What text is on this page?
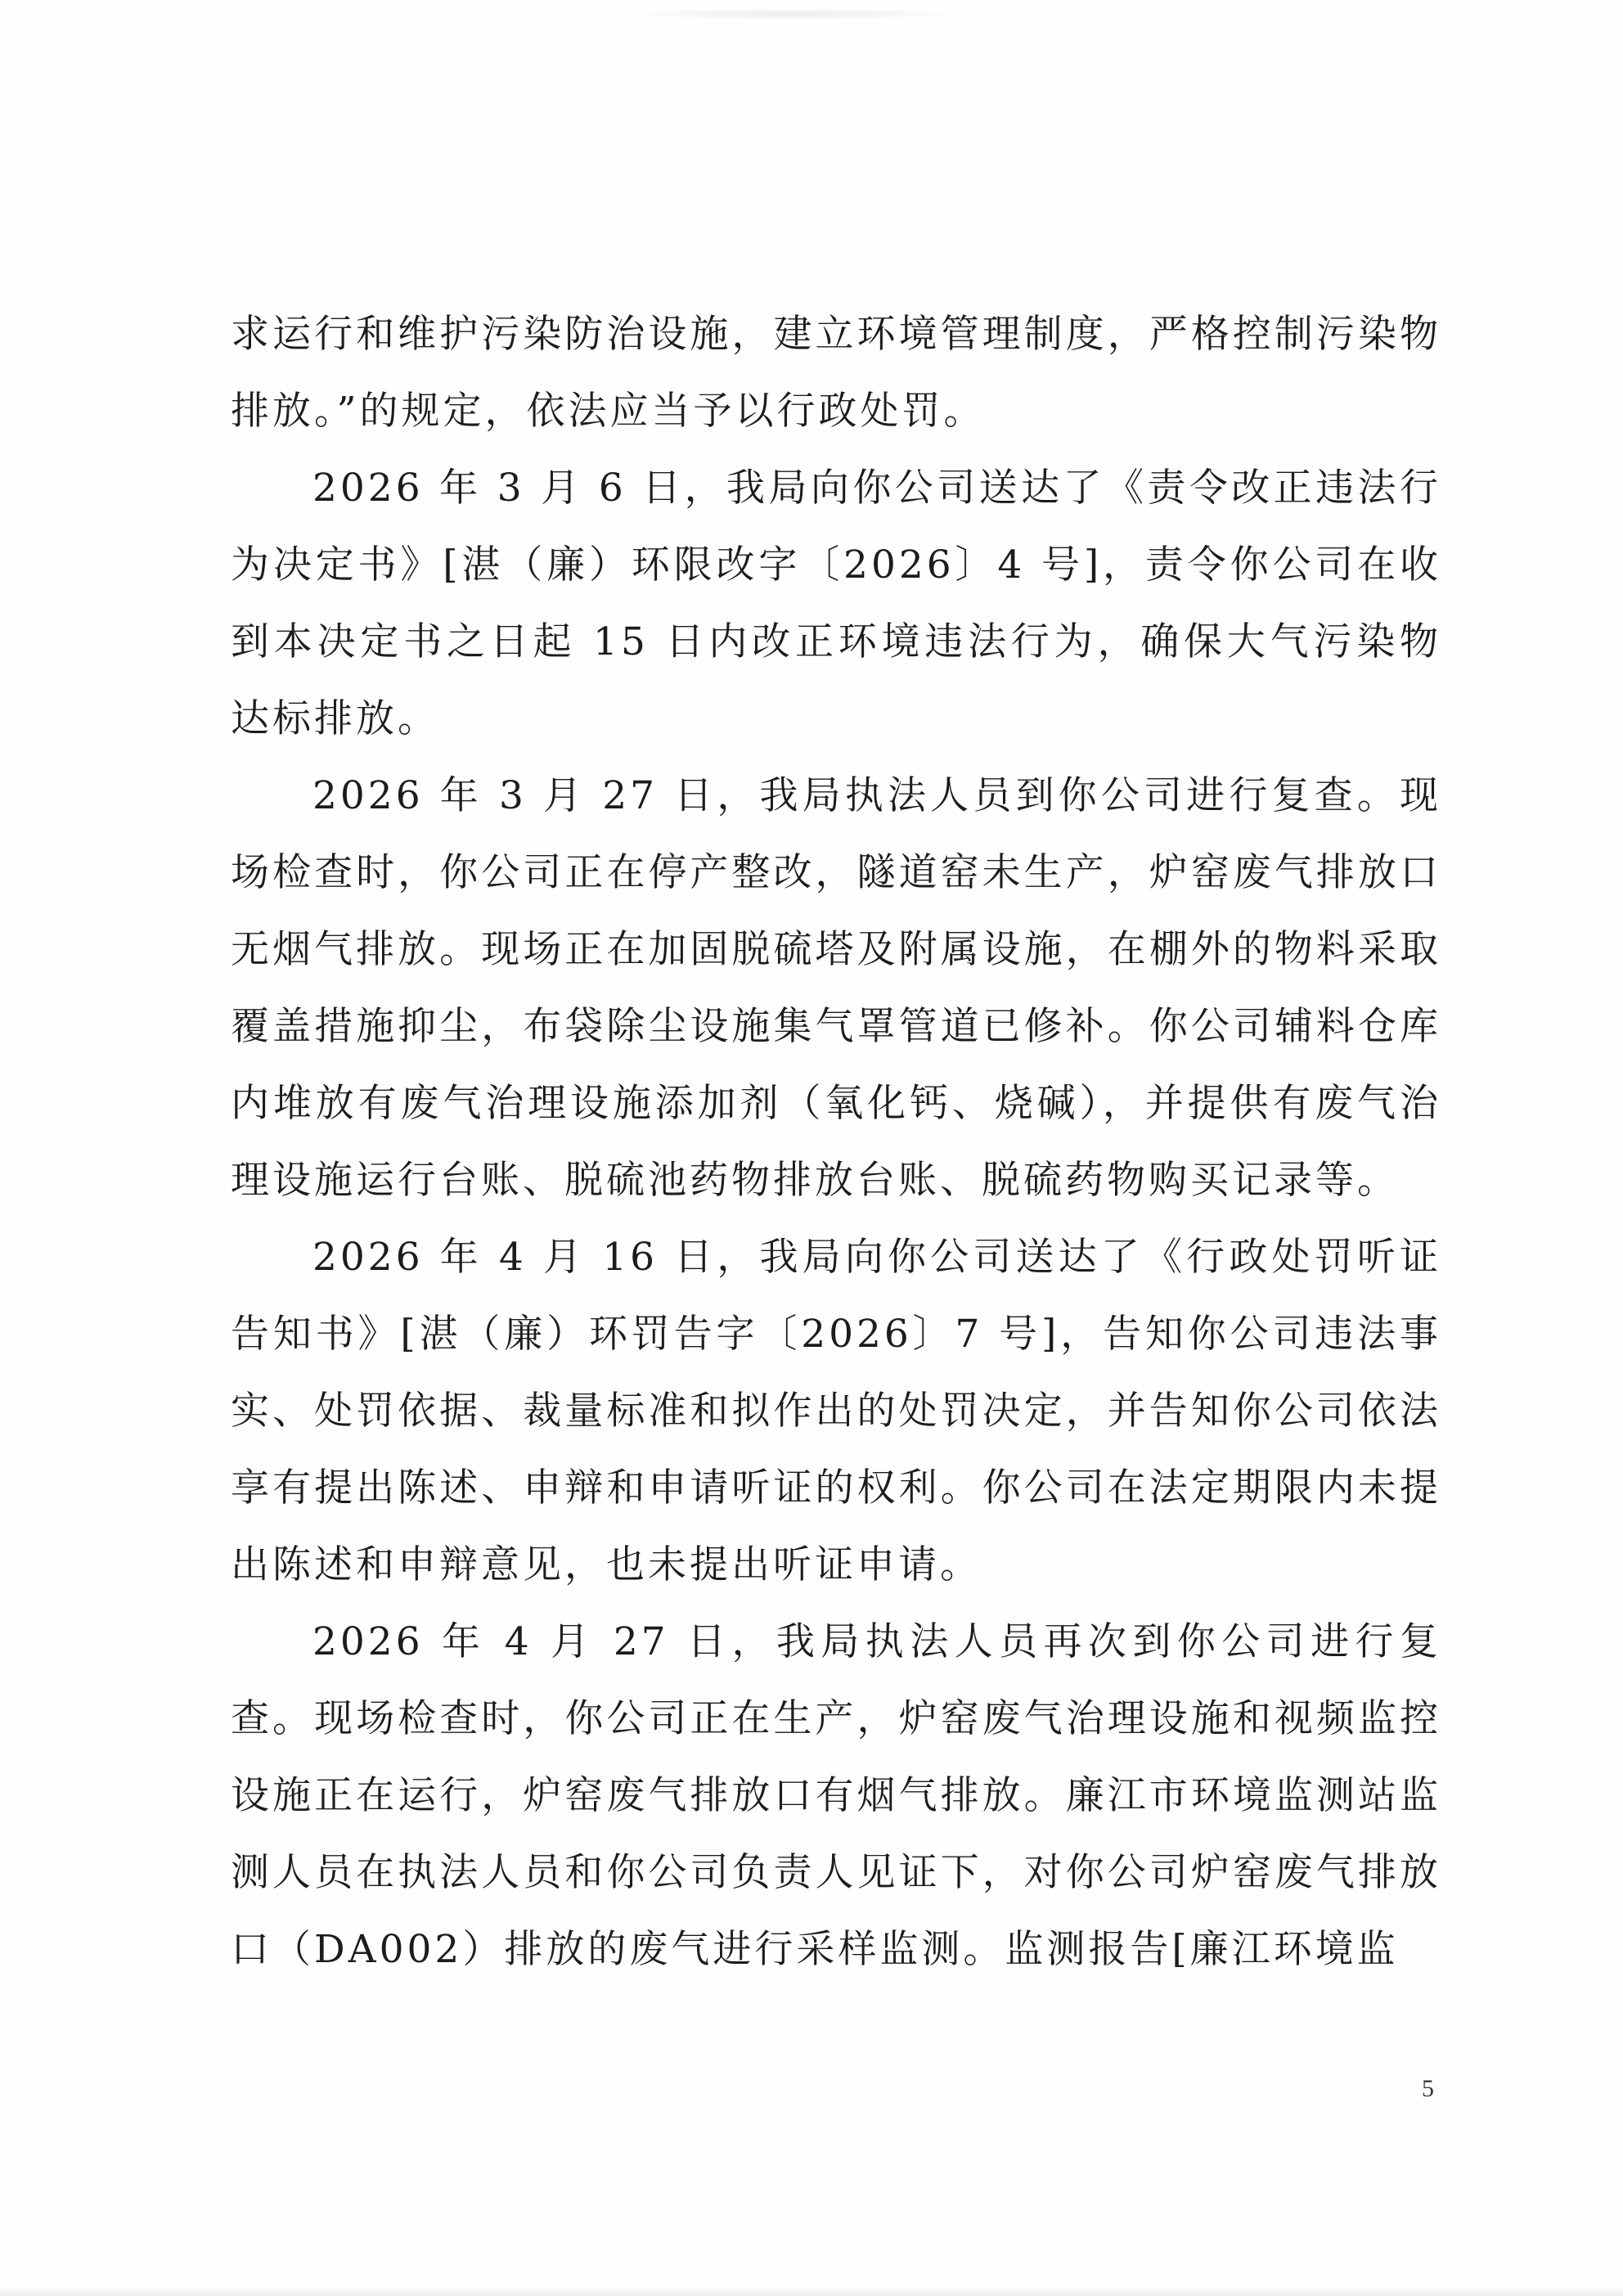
求运行和维护污染防治设施，建立环境管理制度，严格控制污染物排放。”的规定，依法应当予以行政处罚。

2026 年 3 月 6 日，我局向你公司送达了《责令改正违法行为决定书》[湛（廉）环限改字〔2026〕4 号]，责令你公司在收到本决定书之日起 15 日内改正环境违法行为，确保大气污染物达标排放。

2026 年 3 月 27 日，我局执法人员到你公司进行复查。现场检查时，你公司正在停产整改，隧道窑未生产，炉窑废气排放口无烟气排放。现场正在加固脱硫塔及附属设施，在棚外的物料采取覆盖措施抑尘，布袋除尘设施集气罩管道已修补。你公司辅料仓库内堆放有废气治理设施添加剂（氧化钙、烧碱），并提供有废气治理设施运行台账、脱硫池药物排放台账、脱硫药物购买记录等。

2026 年 4 月 16 日，我局向你公司送达了《行政处罚听证告知书》[湛（廉）环罚告字〔2026〕7 号]，告知你公司违法事实、处罚依据、裁量标准和拟作出的处罚决定，并告知你公司依法享有提出陈述、申辩和申请听证的权利。你公司在法定期限内未提出陈述和申辩意见，也未提出听证申请。

2026 年 4 月 27 日，我局执法人员再次到你公司进行复查。现场检查时，你公司正在生产，炉窑废气治理设施和视频监控设施正在运行，炉窑废气排放口有烟气排放。廉江市环境监测站监测人员在执法人员和你公司负责人见证下，对你公司炉窑废气排放口（DA002）排放的废气进行采样监测。监测报告[廉江环境监

5
